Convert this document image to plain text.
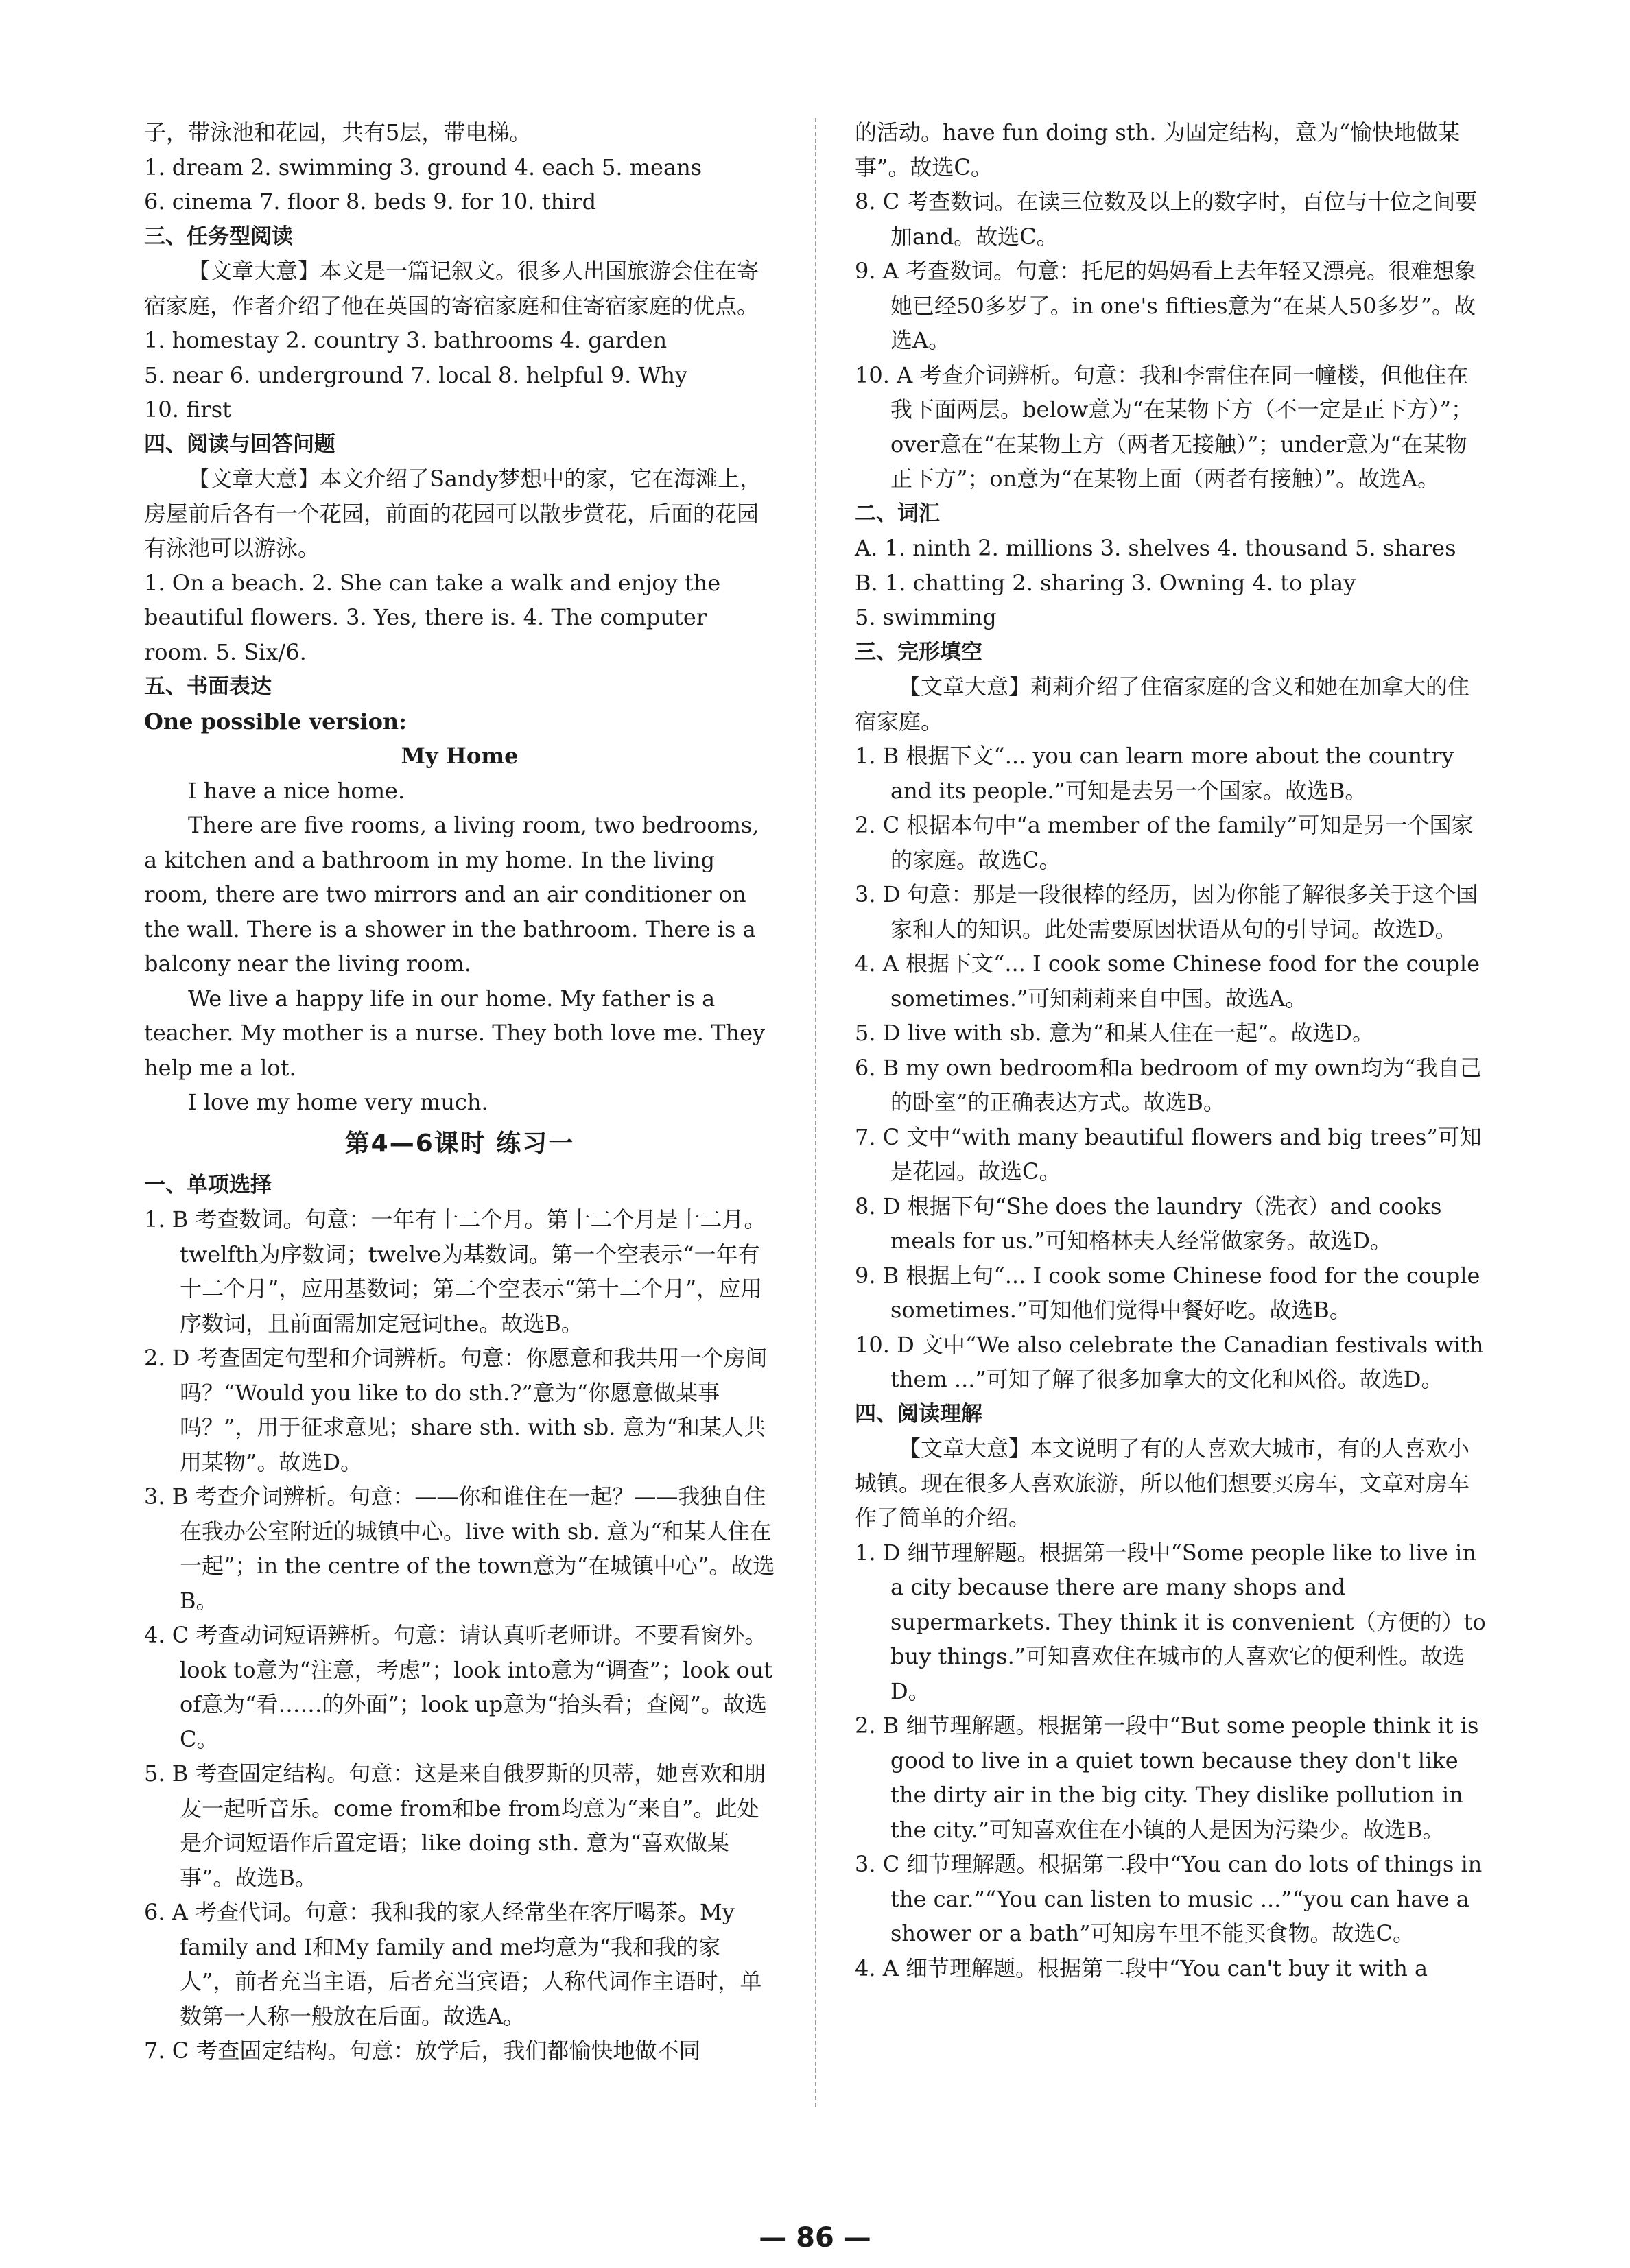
子，带泳池和花园，共有5层，带电梯。

1. dream 2. swimming 3. ground 4. each 5. means

6. cinema 7. floor 8. beds 9. for 10. third

三、任务型阅读

【文章大意】本文是一篇记叙文。很多人出国旅游会住在寄宿家庭，作者介绍了他在英国的寄宿家庭和住寄宿家庭的优点。

1. homestay 2. country 3. bathrooms 4. garden

5. near 6. underground 7. local 8. helpful 9. Why

10. first

四、阅读与回答问题

【文章大意】本文介绍了Sandy梦想中的家，它在海滩上，房屋前后各有一个花园，前面的花园可以散步赏花，后面的花园有泳池可以游泳。

1. On a beach. 2. She can take a walk and enjoy the beautiful flowers. 3. Yes, there is. 4. The computer room. 5. Six/6.

五、书面表达

One possible version:

My Home

I have a nice home.

There are five rooms, a living room, two bedrooms, a kitchen and a bathroom in my home. In the living room, there are two mirrors and an air conditioner on the wall. There is a shower in the bathroom. There is a balcony near the living room.

We live a happy life in our home. My father is a teacher. My mother is a nurse. They both love me. They help me a lot.

I love my home very much.

第4—6课时 练习一

一、单项选择

1. B 考查数词。句意：一年有十二个月。第十二个月是十二月。twelfth为序数词；twelve为基数词。第一个空表示“一年有十二个月”，应用基数词；第二个空表示“第十二个月”，应用序数词，且前面需加定冠词the。故选B。

2. D 考查固定句型和介词辨析。句意：你愿意和我共用一个房间吗？“Would you like to do sth.?”意为“你愿意做某事吗？”，用于征求意见；share sth. with sb. 意为“和某人共用某物”。故选D。

3. B 考查介词辨析。句意：——你和谁住在一起？——我独自住在我办公室附近的城镇中心。live with sb. 意为“和某人住在一起”；in the centre of the town意为“在城镇中心”。故选B。

4. C 考查动词短语辨析。句意：请认真听老师讲。不要看窗外。look to意为“注意，考虑”；look into意为“调查”；look out of意为“看……的外面”；look up意为“抬头看；查阅”。故选C。

5. B 考查固定结构。句意：这是来自俄罗斯的贝蒂，她喜欢和朋友一起听音乐。come from和be from均意为“来自”。此处是介词短语作后置定语；like doing sth. 意为“喜欢做某事”。故选B。

6. A 考查代词。句意：我和我的家人经常坐在客厅喝茶。My family and I和My family and me均意为“我和我的家人”，前者充当主语，后者充当宾语；人称代词作主语时，单数第一人称一般放在后面。故选A。

7. C 考查固定结构。句意：放学后，我们都愉快地做不同

的活动。have fun doing sth. 为固定结构，意为“愉快地做某事”。故选C。

8. C 考查数词。在读三位数及以上的数字时，百位与十位之间要加and。故选C。

9. A 考查数词。句意：托尼的妈妈看上去年轻又漂亮。很难想象她已经50多岁了。in one's fifties意为“在某人50多岁”。故选A。

10. A 考查介词辨析。句意：我和李雷住在同一幢楼，但他住在我下面两层。below意为“在某物下方（不一定是正下方）”；over意在“在某物上方（两者无接触）”；under意为“在某物正下方”；on意为“在某物上面（两者有接触）”。故选A。

二、词汇

A. 1. ninth 2. millions 3. shelves 4. thousand 5. shares

B. 1. chatting 2. sharing 3. Owning 4. to play

5. swimming

三、完形填空

【文章大意】莉莉介绍了住宿家庭的含义和她在加拿大的住宿家庭。

1. B 根据下文“... you can learn more about the country and its people.”可知是去另一个国家。故选B。

2. C 根据本句中“a member of the family”可知是另一个国家的家庭。故选C。

3. D 句意：那是一段很棒的经历，因为你能了解很多关于这个国家和人的知识。此处需要原因状语从句的引导词。故选D。

4. A 根据下文“... I cook some Chinese food for the couple sometimes.”可知莉莉来自中国。故选A。

5. D live with sb. 意为“和某人住在一起”。故选D。

6. B my own bedroom和a bedroom of my own均为“我自己的卧室”的正确表达方式。故选B。

7. C 文中“with many beautiful flowers and big trees”可知是花园。故选C。

8. D 根据下句“She does the laundry（洗衣）and cooks meals for us.”可知格林夫人经常做家务。故选D。

9. B 根据上句“... I cook some Chinese food for the couple sometimes.”可知他们觉得中餐好吃。故选B。

10. D 文中“We also celebrate the Canadian festivals with them ...”可知了解了很多加拿大的文化和风俗。故选D。

四、阅读理解

【文章大意】本文说明了有的人喜欢大城市，有的人喜欢小城镇。现在很多人喜欢旅游，所以他们想要买房车，文章对房车作了简单的介绍。

1. D 细节理解题。根据第一段中“Some people like to live in a city because there are many shops and supermarkets. They think it is convenient（方便的）to buy things.”可知喜欢住在城市的人喜欢它的便利性。故选D。

2. B 细节理解题。根据第一段中“But some people think it is good to live in a quiet town because they don't like the dirty air in the big city. They dislike pollution in the city.”可知喜欢住在小镇的人是因为污染少。故选B。

3. C 细节理解题。根据第二段中“You can do lots of things in the car.”“You can listen to music ...”“you can have a shower or a bath”可知房车里不能买食物。故选C。

4. A 细节理解题。根据第二段中“You can't buy it with a

— 86 —
